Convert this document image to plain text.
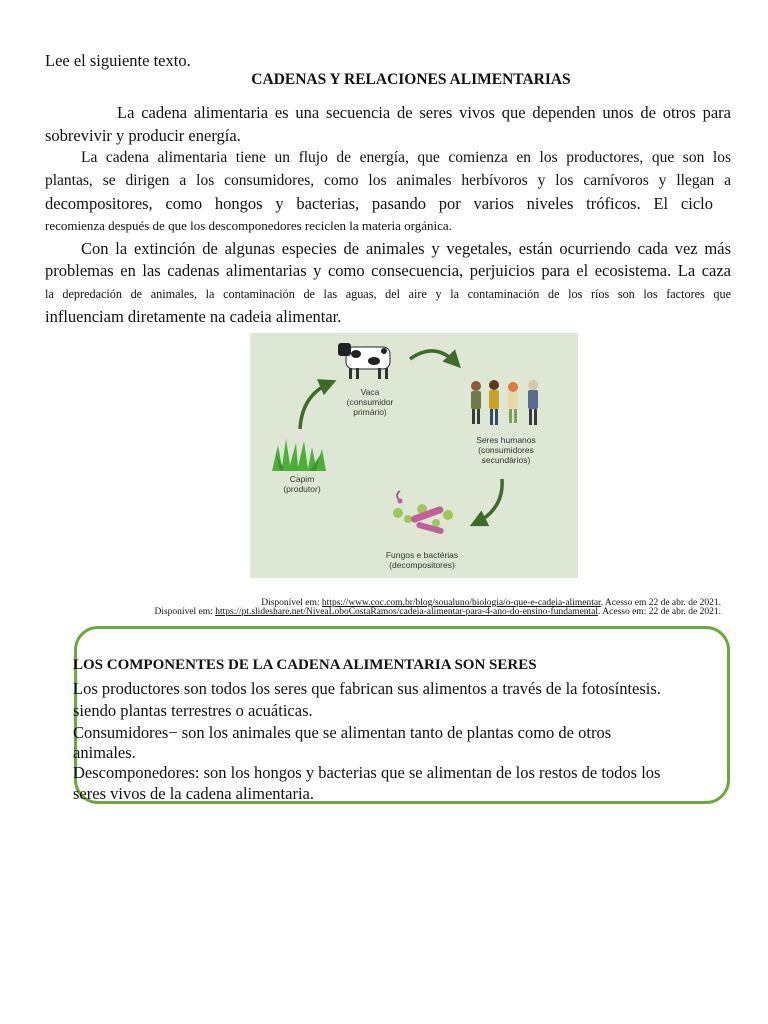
Lee el siguiente texto.

CADENAS Y RELACIONES ALIMENTARIAS

La cadena alimentaria es una secuencia de seres vivos que dependen unos de otros para

sobrevivir y producir energía.

La cadena alimentaria tiene un flujo de energía, que comienza en los productores, que son los

plantas, se dirigen a los consumidores, como los animales herbívoros y los carnívoros y llegan a

decompositores, como hongos y bacterias, pasando por varios niveles tróficos. El ciclo

recomienza después de que los descomponedores reciclen la materia orgánica.

Con la extinción de algunas especies de animales y vegetales, están ocurriendo cada vez más

problemas en las cadenas alimentarias y como consecuencia, perjuicios para el ecosistema. La caza

la depredación de animales, la contaminación de las aguas, del aire y la contaminación de los ríos son los factores que

influenciam diretamente na cadeia alimentar.

Vaca
(consumidor
primário)
Seres humanos
(consumidores
secundários)
Capim
(produtor)
Fungos e bactérias
(decompositores)
Disponível em: https://www.coc.com.br/blog/soualuno/biologia/o-que-e-cadeia-alimentar. Acesso em 22 de abr. de 2021.
Disponível em: https://pt.slideshare.net/NiveaLoboCostaRamos/cadeia-alimentar-para-4-ano-do-ensino-fundamental. Acesso em: 22 de abr. de 2021.

LOS COMPONENTES DE LA CADENA ALIMENTARIA SON SERES

Los productores son todos los seres que fabrican sus alimentos a través de la fotosíntesis.

siendo plantas terrestres o acuáticas.

Consumidores− son los animales que se alimentan tanto de plantas como de otros

animales.

Descomponedores: son los hongos y bacterias que se alimentan de los restos de todos los

seres vivos de la cadena alimentaria.
